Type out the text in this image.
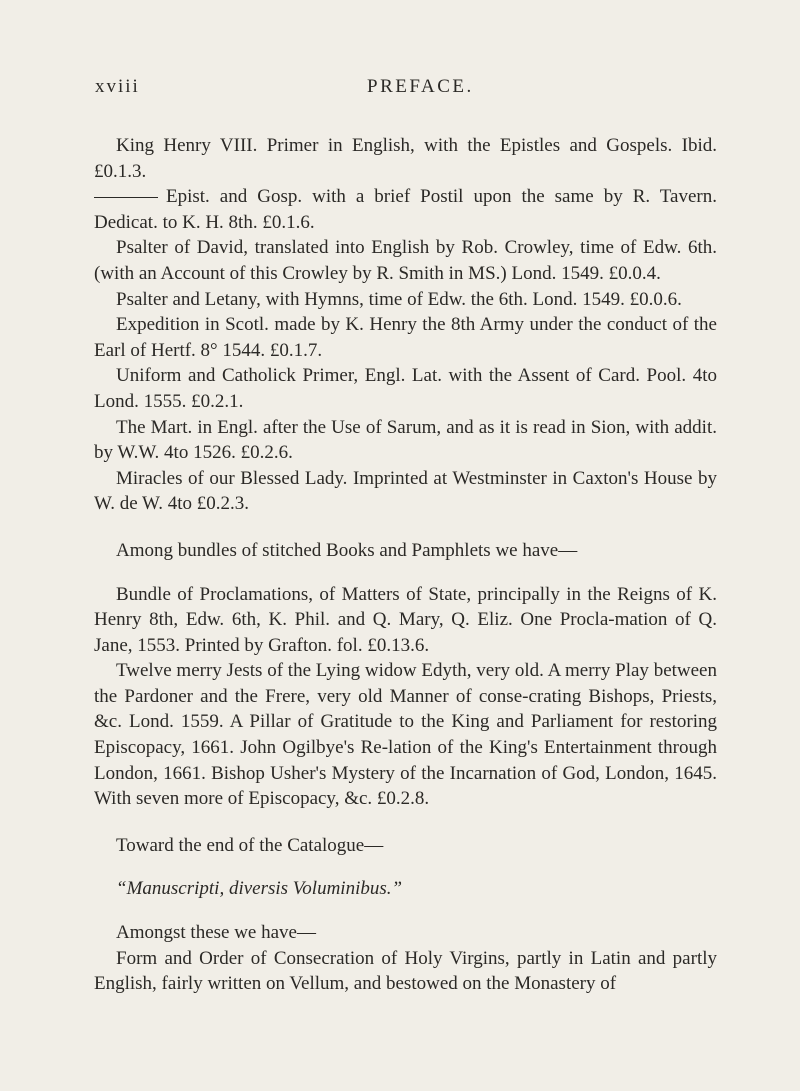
xviii	PREFACE.

King Henry VIII. Primer in English, with the Epistles and Gospels. Ibid. £0.1.3.

Epist. and Gosp. with a brief Postil upon the same by R. Tavern. Dedicat. to K. H. 8th. £0.1.6.

Psalter of David, translated into English by Rob. Crowley, time of Edw. 6th. (with an Account of this Crowley by R. Smith in MS.) Lond. 1549. £0.0.4.

Psalter and Letany, with Hymns, time of Edw. the 6th. Lond. 1549. £0.0.6.

Expedition in Scotl. made by K. Henry the 8th Army under the conduct of the Earl of Hertf. 8° 1544. £0.1.7.

Uniform and Catholick Primer, Engl. Lat. with the Assent of Card. Pool. 4to Lond. 1555. £0.2.1.

The Mart. in Engl. after the Use of Sarum, and as it is read in Sion, with addit. by W.W. 4to 1526. £0.2.6.

Miracles of our Blessed Lady. Imprinted at Westminster in Caxton's House by W. de W. 4to £0.2.3.

Among bundles of stitched Books and Pamphlets we have—

Bundle of Proclamations, of Matters of State, principally in the Reigns of K. Henry 8th, Edw. 6th, K. Phil. and Q. Mary, Q. Eliz. One Procla-mation of Q. Jane, 1553. Printed by Grafton. fol. £0.13.6.

Twelve merry Jests of the Lying widow Edyth, very old. A merry Play between the Pardoner and the Frere, very old Manner of conse-crating Bishops, Priests, &c. Lond. 1559. A Pillar of Gratitude to the King and Parliament for restoring Episcopacy, 1661. John Ogilbye's Re-lation of the King's Entertainment through London, 1661. Bishop Usher's Mystery of the Incarnation of God, London, 1645. With seven more of Episcopacy, &c. £0.2.8.

Toward the end of the Catalogue—

“Manuscripti, diversis Voluminibus.”

Amongst these we have—

Form and Order of Consecration of Holy Virgins, partly in Latin and partly English, fairly written on Vellum, and bestowed on the Monastery of
